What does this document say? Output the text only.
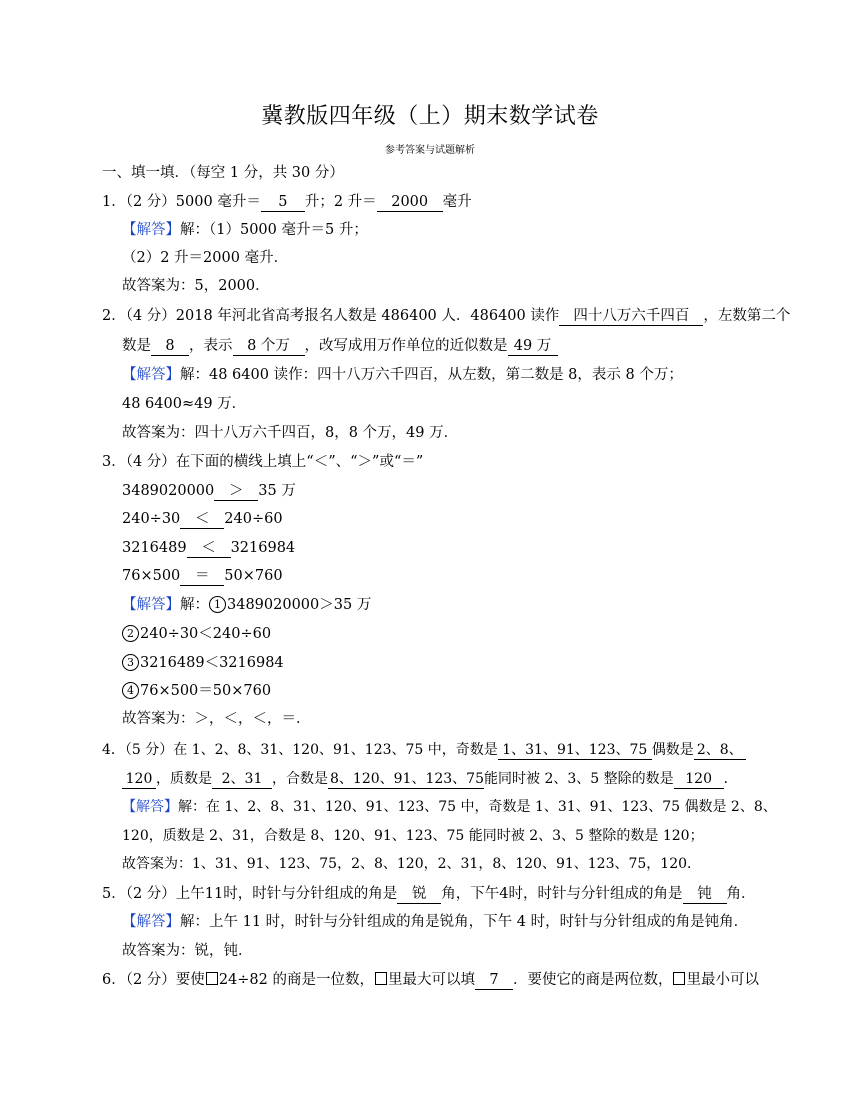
冀教版四年级（上）期末数学试卷
参考答案与试题解析
一、填一填．（每空 1 分，共 30 分）
1．（2 分）5000 毫升＝ 5 升；2 升＝ 2000 毫升
【解答】解：（1）5000 毫升＝5 升；
（2）2 升＝2000 毫升．
故答案为：5，2000．
2．（4 分）2018 年河北省高考报名人数是 486400 人．486400 读作 四十八万六千四百 ，左数第二个
数是 8 ，表示 8 个万 ，改写成用万作单位的近似数是 49 万
【解答】解：48 6400 读作：四十八万六千四百，从左数，第二数是 8，表示 8 个万；
48 6400≈49 万．
故答案为：四十八万六千四百，8，8 个万，49 万．
3．（4 分）在下面的横线上填上“＜”、“＞”或“＝”
3489020000 ＞ 35 万
240÷30 ＜ 240÷60
3216489 ＜ 3216984
76×500 ＝ 50×760
【解答】解： 1 3489020000＞35 万
2 240÷30＜240÷60
3 3216489＜3216984
4 76×500＝50×760
故答案为：＞，＜，＜，＝．
4．（5 分）在 1、2、8、31、120、91、123、75 中，奇数是 1、31、91、123、75 偶数是 2、8、
120 ，质数是 2、31 ，合数是 8、120、91、123、75能同时被 2、3、5 整除的数是 120 ．
【解答】解：在 1、2、8、31、120、91、123、75 中，奇数是 1、31、91、123、75 偶数是 2、8、
120，质数是 2、31，合数是 8、120、91、123、75 能同时被 2、3、5 整除的数是 120；
故答案为：1、31、91、123、75，2、8、120，2、31，8、120、91、123、75，120．
5．（2 分）上午11时，时针与分针组成的角是 锐 角，下午4时，时针与分针组成的角是 钝 角．
【解答】解：上午 11 时，时针与分针组成的角是锐角，下午 4 时，时针与分针组成的角是钝角．
故答案为：锐，钝．
6．（2 分）要使 24÷82 的商是一位数， 里最大可以填 7 ．要使它的商是两位数， 里最小可以
